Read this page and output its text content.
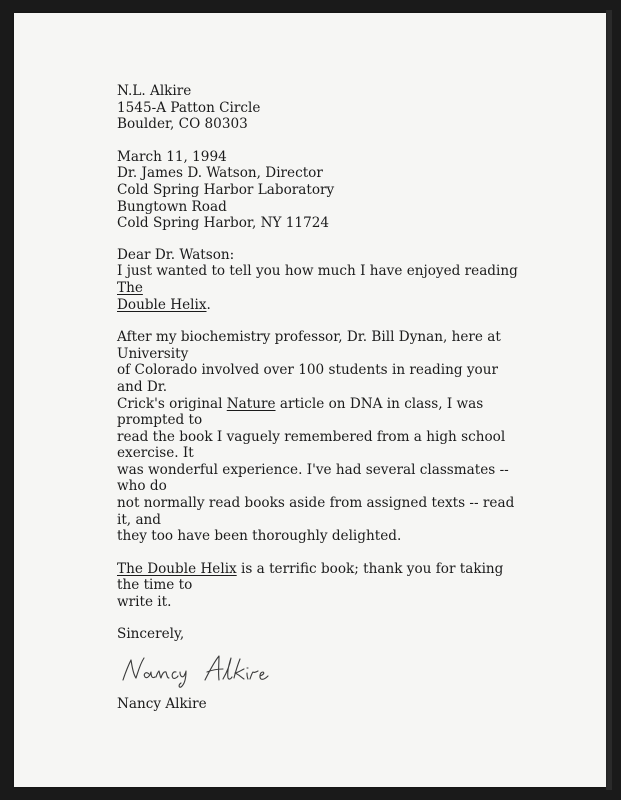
N.L. Alkire
1545-A Patton Circle
Boulder, CO 80303

March 11, 1994

Dr. James D. Watson, Director
Cold Spring Harbor Laboratory
Bungtown Road
Cold Spring Harbor, NY 11724

Dear Dr. Watson:

I just wanted to tell you how much I have enjoyed reading The
Double Helix.
After my biochemistry professor, Dr. Bill Dynan, here at University
of Colorado involved over 100 students in reading your and Dr.
Crick's original Nature article on DNA in class, I was prompted to
read the book I vaguely remembered from a high school exercise. It
was wonderful experience. I've had several classmates -- who do
not normally read books aside from assigned texts -- read it, and
they too have been thoroughly delighted.
The Double Helix is a terrific book; thank you for taking the time to
write it.

Sincerely,

Nancy Alkire
